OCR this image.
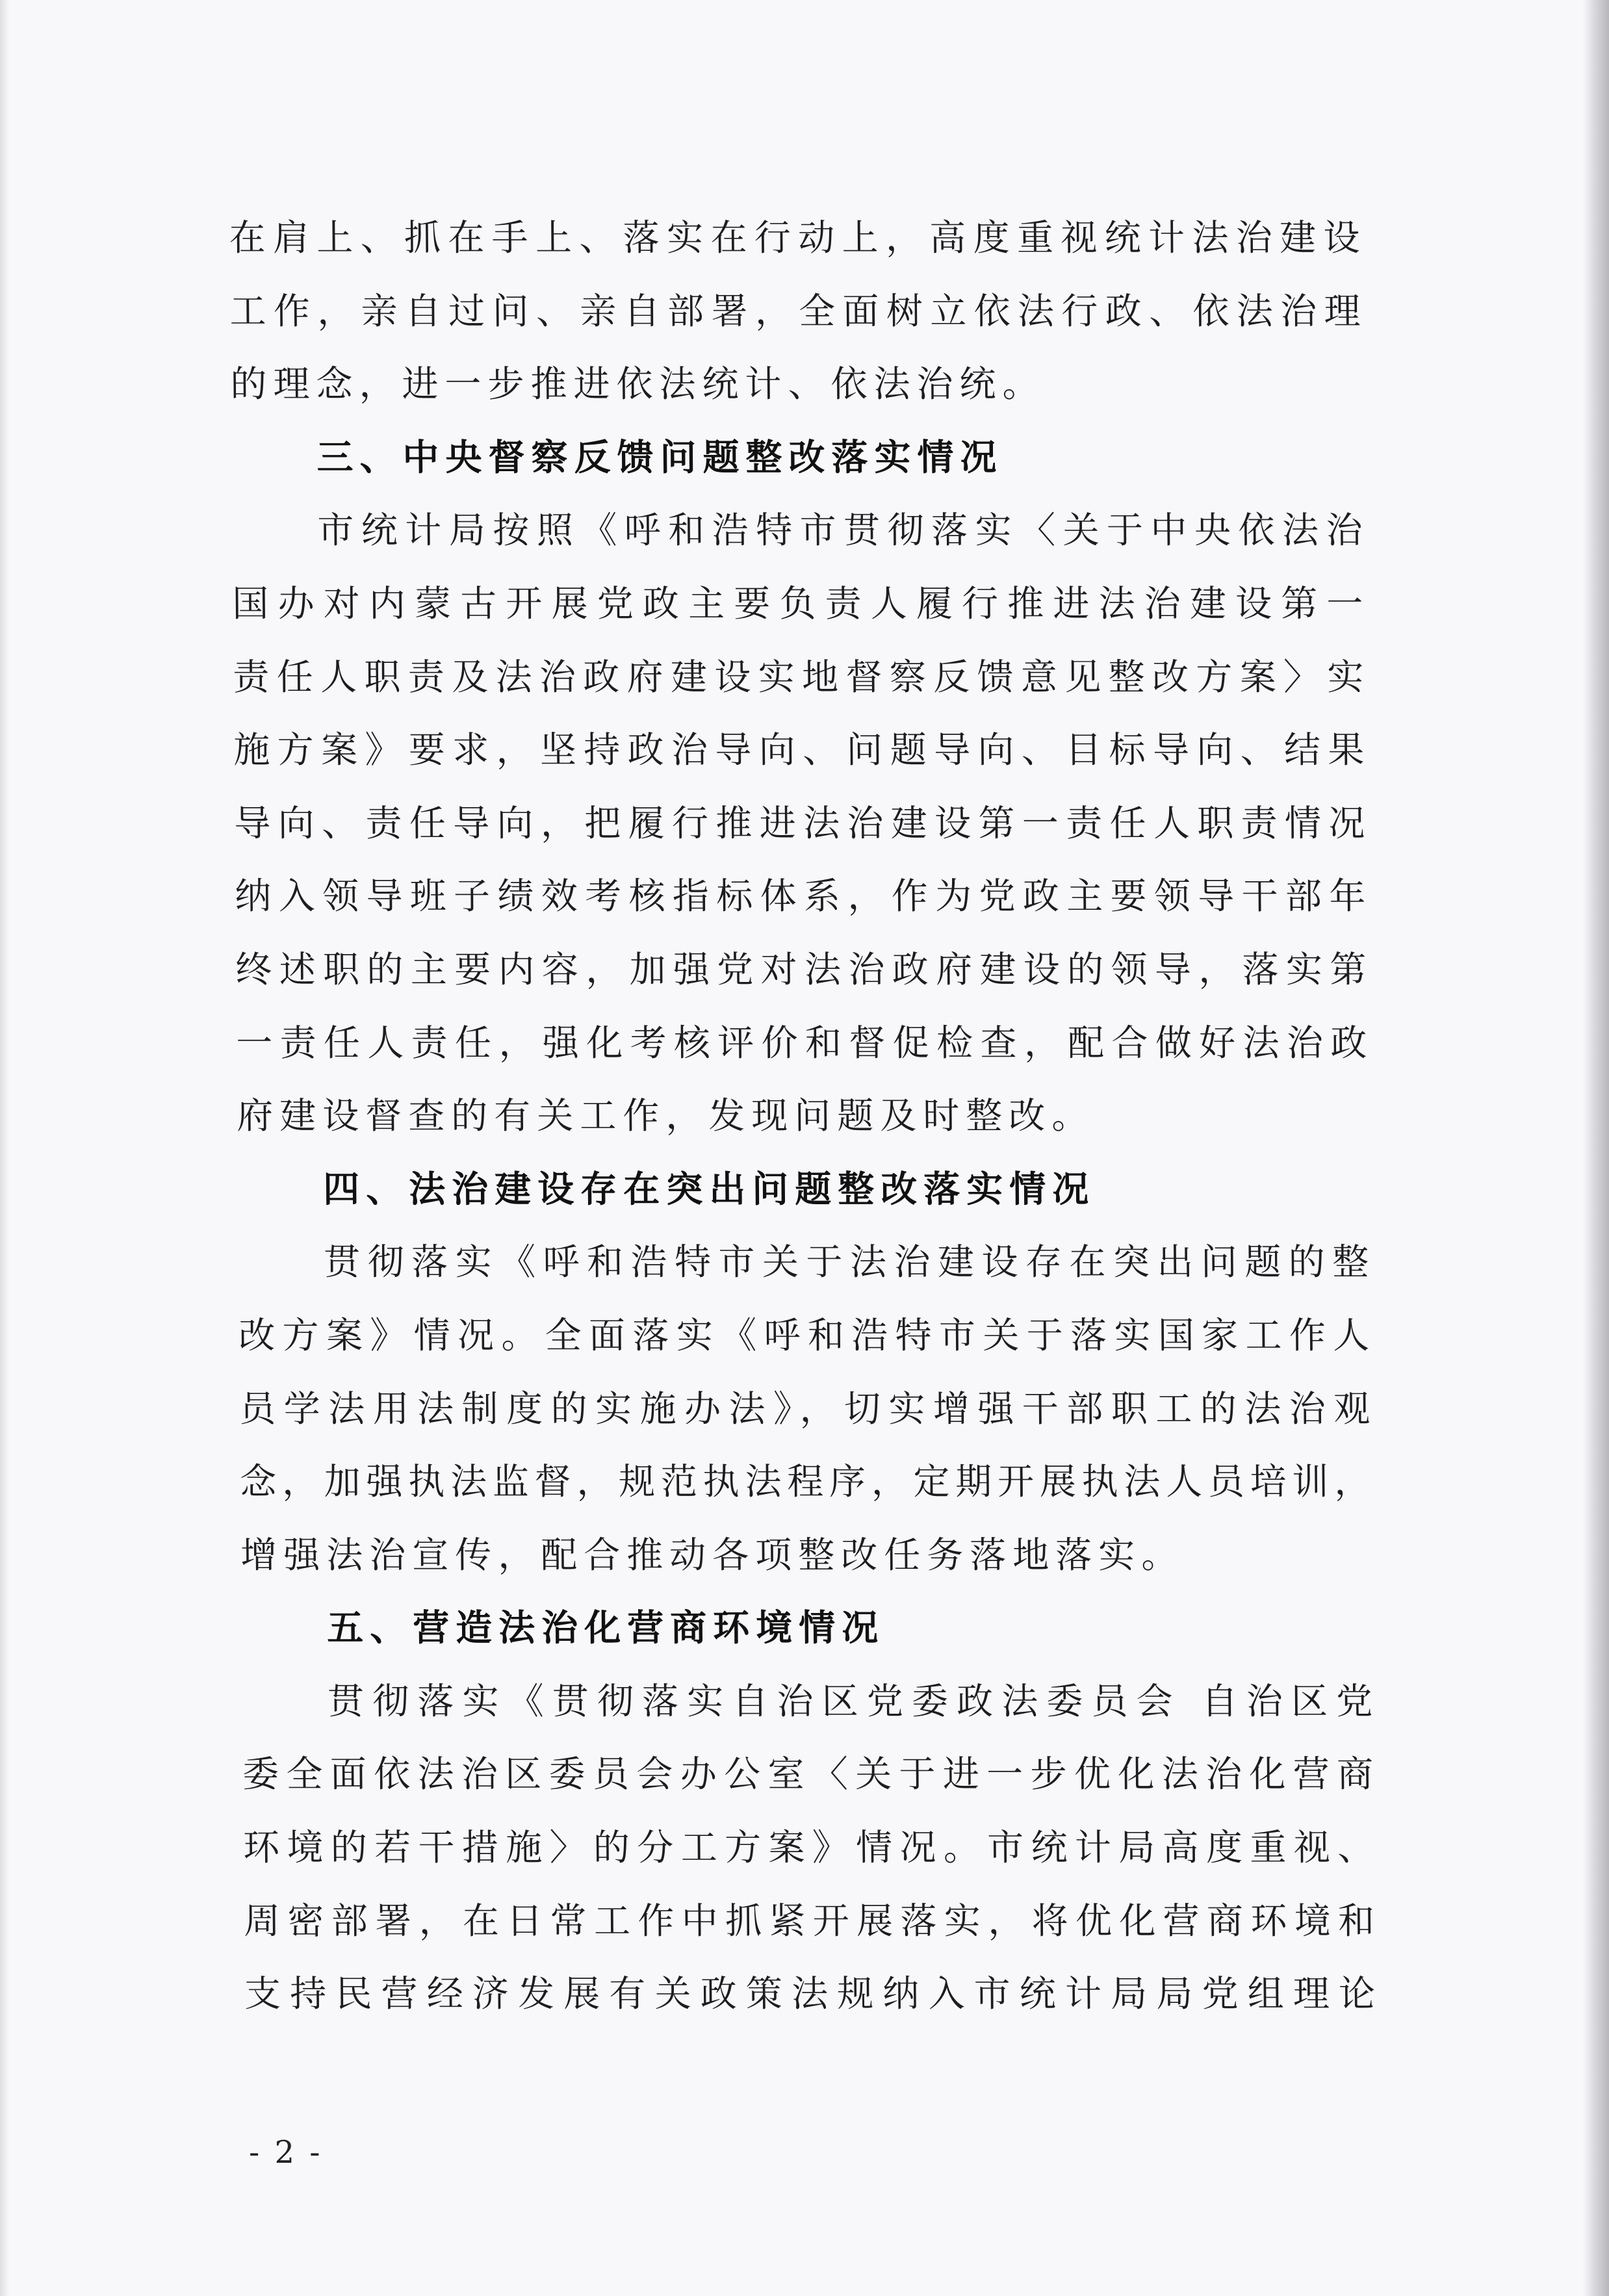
在肩上、抓在手上、落实在行动上，高度重视统计法治建设
工作，亲自过问、亲自部署，全面树立依法行政、依法治理
的理念，进一步推进依法统计、依法治统。
三、中央督察反馈问题整改落实情况
市统计局按照《呼和浩特市贯彻落实〈关于中央依法治
国办对内蒙古开展党政主要负责人履行推进法治建设第一
责任人职责及法治政府建设实地督察反馈意见整改方案〉实
施方案》要求，坚持政治导向、问题导向、目标导向、结果
导向、责任导向，把履行推进法治建设第一责任人职责情况
纳入领导班子绩效考核指标体系，作为党政主要领导干部年
终述职的主要内容，加强党对法治政府建设的领导，落实第
一责任人责任，强化考核评价和督促检查，配合做好法治政
府建设督查的有关工作，发现问题及时整改。
四、法治建设存在突出问题整改落实情况
贯彻落实《呼和浩特市关于法治建设存在突出问题的整
改方案》情况。全面落实《呼和浩特市关于落实国家工作人
员学法用法制度的实施办法》，切实增强干部职工的法治观
念，加强执法监督，规范执法程序，定期开展执法人员培训，
增强法治宣传，配合推动各项整改任务落地落实。
五、营造法治化营商环境情况
贯彻落实《贯彻落实自治区党委政法委员会 自治区党
委全面依法治区委员会办公室〈关于进一步优化法治化营商
环境的若干措施〉的分工方案》情况。市统计局高度重视、
周密部署，在日常工作中抓紧开展落实，将优化营商环境和
支持民营经济发展有关政策法规纳入市统计局局党组理论
- 2 -
